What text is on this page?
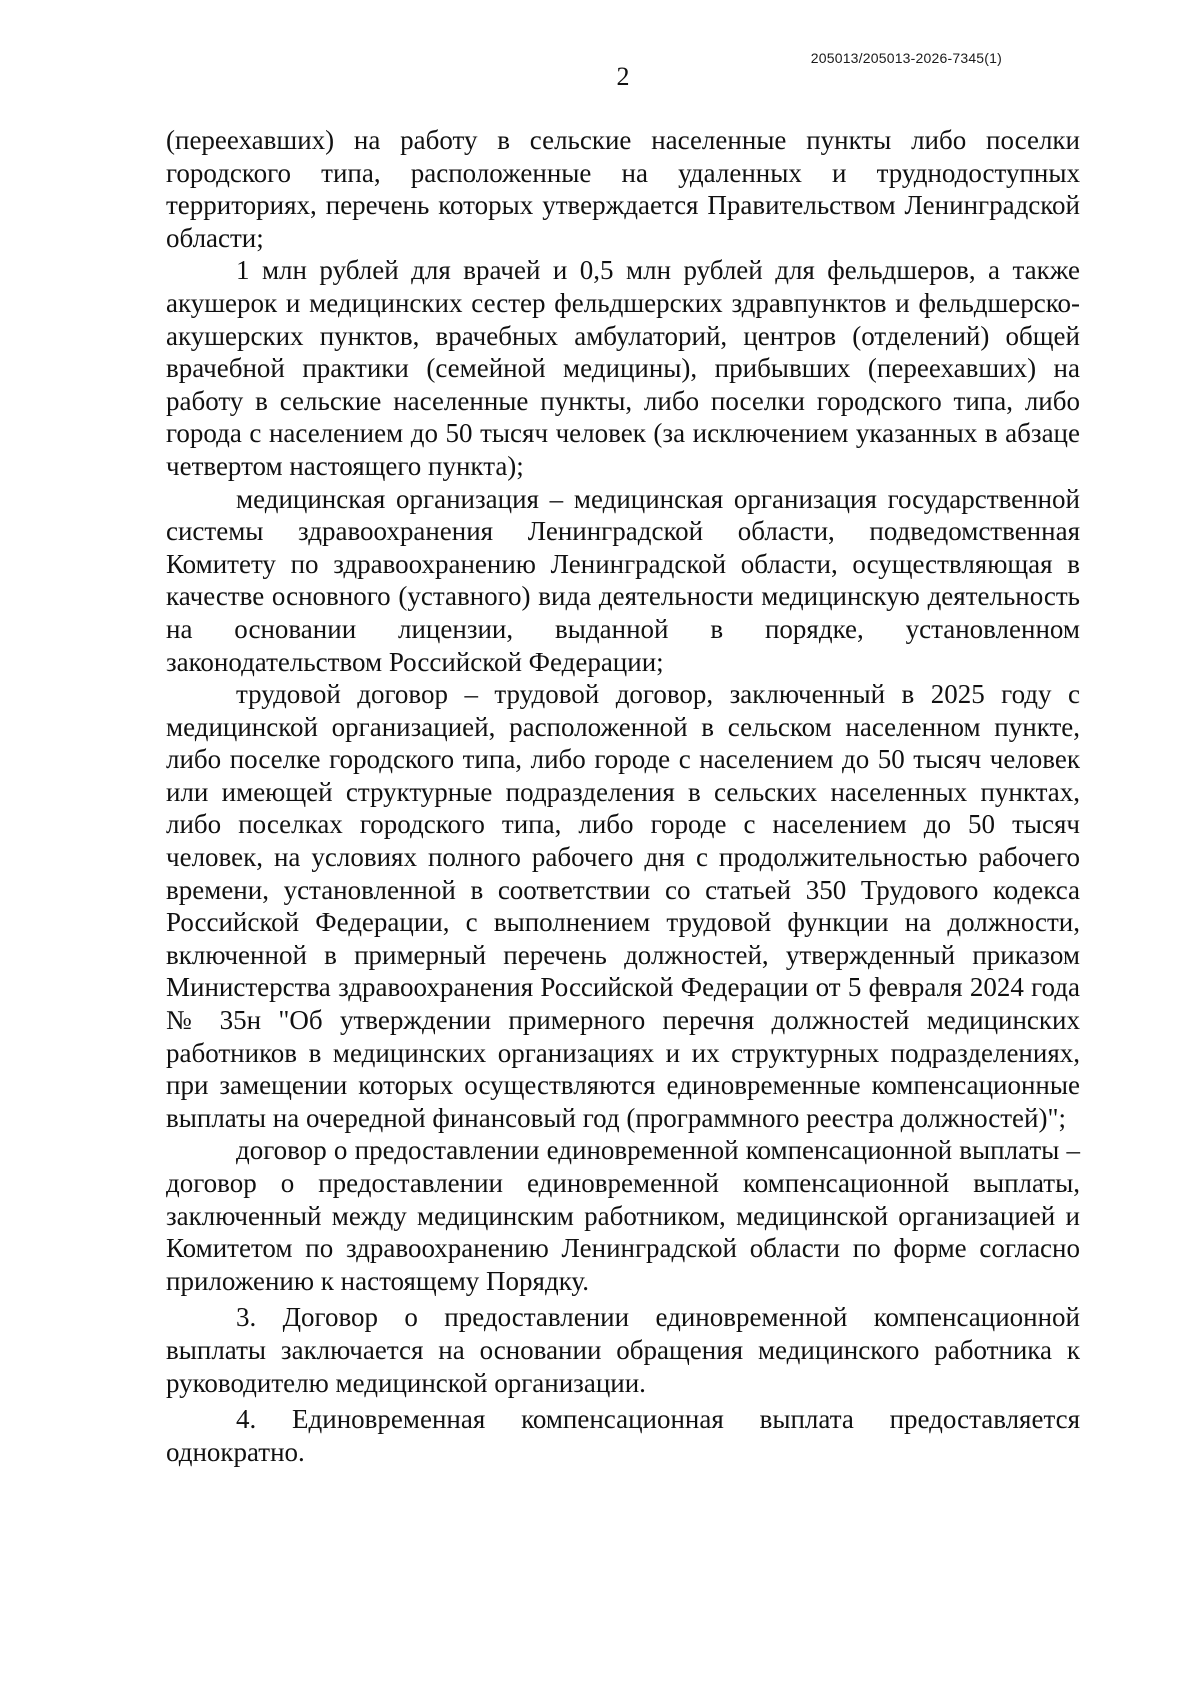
205013/205013-2026-7345(1)
2

(переехавших) на работу в сельские населенные пункты либо поселки городского типа, расположенные на удаленных и труднодоступных территориях, перечень которых утверждается Правительством Ленинградской области;

1 млн рублей для врачей и 0,5 млн рублей для фельдшеров, а также акушерок и медицинских сестер фельдшерских здравпунктов и фельдшерско-акушерских пунктов, врачебных амбулаторий, центров (отделений) общей врачебной практики (семейной медицины), прибывших (переехавших) на работу в сельские населенные пункты, либо поселки городского типа, либо города с населением до 50 тысяч человек (за исключением указанных в абзаце четвертом настоящего пункта);

медицинская организация – медицинская организация государственной системы здравоохранения Ленинградской области, подведомственная Комитету по здравоохранению Ленинградской области, осуществляющая в качестве основного (уставного) вида деятельности медицинскую деятельность на основании лицензии, выданной в порядке, установленном законодательством Российской Федерации;

трудовой договор – трудовой договор, заключенный в 2025 году с медицинской организацией, расположенной в сельском населенном пункте, либо поселке городского типа, либо городе с населением до 50 тысяч человек или имеющей структурные подразделения в сельских населенных пунктах, либо поселках городского типа, либо городе с населением до 50 тысяч человек, на условиях полного рабочего дня с продолжительностью рабочего времени, установленной в соответствии со статьей 350 Трудового кодекса Российской Федерации, с выполнением трудовой функции на должности, включенной в примерный перечень должностей, утвержденный приказом Министерства здравоохранения Российской Федерации от 5 февраля 2024 года № 35н "Об утверждении примерного перечня должностей медицинских работников в медицинских организациях и их структурных подразделениях, при замещении которых осуществляются единовременные компенсационные выплаты на очередной финансовый год (программного реестра должностей)";

договор о предоставлении единовременной компенсационной выплаты – договор о предоставлении единовременной компенсационной выплаты, заключенный между медицинским работником, медицинской организацией и Комитетом по здравоохранению Ленинградской области по форме согласно приложению к настоящему Порядку.

3. Договор о предоставлении единовременной компенсационной выплаты заключается на основании обращения медицинского работника к руководителю медицинской организации.

4. Единовременная компенсационная выплата предоставляется однократно.
